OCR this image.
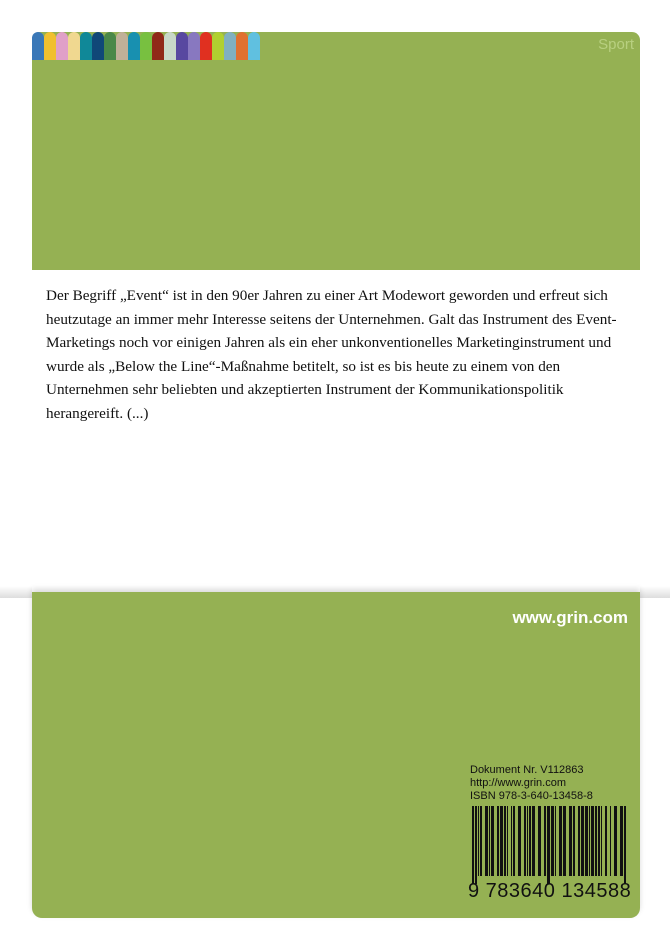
Sport
Der Begriff „Event“ ist in den 90er Jahren zu einer Art Modewort geworden und erfreut sich heutzutage an immer mehr Interesse seitens der Unternehmen. Galt das Instrument des Event-Marketings noch vor einigen Jahren als ein eher unkonventionelles Marketinginstrument und wurde als „Below the Line“-Maßnahme betitelt, so ist es bis heute zu einem von den Unternehmen sehr beliebten und akzeptierten Instrument der Kommunikationspolitik herangereift. (...)
www.grin.com
Dokument Nr. V112863
http://www.grin.com
ISBN 978-3-640-13458-8
9 783640 134588
